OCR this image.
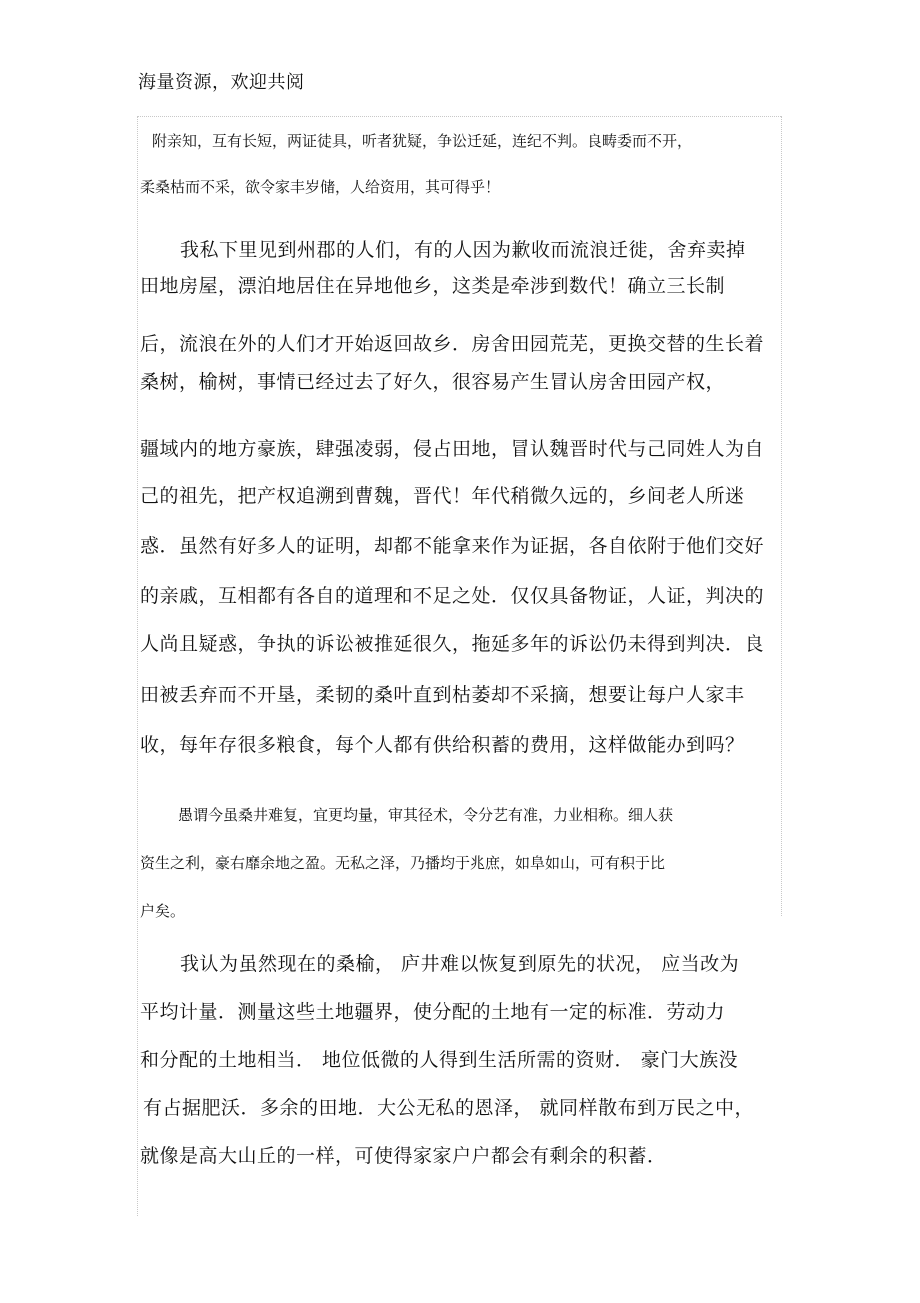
海量资源，欢迎共阅
附亲知，互有长短，两证徒具，听者犹疑，争讼迁延，连纪不判。良畴委而不开，
柔桑枯而不采，欲令家丰岁储，人给资用，其可得乎！
我私下里见到州郡的人们，有的人因为歉收而流浪迁徙，舍弃卖掉
田地房屋，漂泊地居住在异地他乡，这类是牵涉到数代！确立三长制
后，流浪在外的人们才开始返回故乡．房舍田园荒芜，更换交替的生长着
桑树，榆树，事情已经过去了好久，很容易产生冒认房舍田园产权，
疆域内的地方豪族，肆强凌弱，侵占田地，冒认魏晋时代与己同姓人为自
己的祖先，把产权追溯到曹魏，晋代！年代稍微久远的，乡间老人所迷
惑．虽然有好多人的证明，却都不能拿来作为证据，各自依附于他们交好
的亲戚，互相都有各自的道理和不足之处．仅仅具备物证，人证，判决的
人尚且疑惑，争执的诉讼被推延很久，拖延多年的诉讼仍未得到判决．良
田被丢弃而不开垦，柔韧的桑叶直到枯萎却不采摘，想要让每户人家丰
收，每年存很多粮食，每个人都有供给积蓄的费用，这样做能办到吗？
愚谓今虽桑井难复，宜更均量，审其径术，令分艺有准，力业相称。细人获
资生之利，豪右靡余地之盈。无私之泽，乃播均于兆庶，如阜如山，可有积于比
户矣。
我认为虽然现在的桑榆， 庐井难以恢复到原先的状况， 应当改为
平均计量．测量这些土地疆界，使分配的土地有一定的标准．劳动力
和分配的土地相当． 地位低微的人得到生活所需的资财． 豪门大族没
有占据肥沃．多余的田地．大公无私的恩泽， 就同样散布到万民之中，
就像是高大山丘的一样，可使得家家户户都会有剩余的积蓄．
